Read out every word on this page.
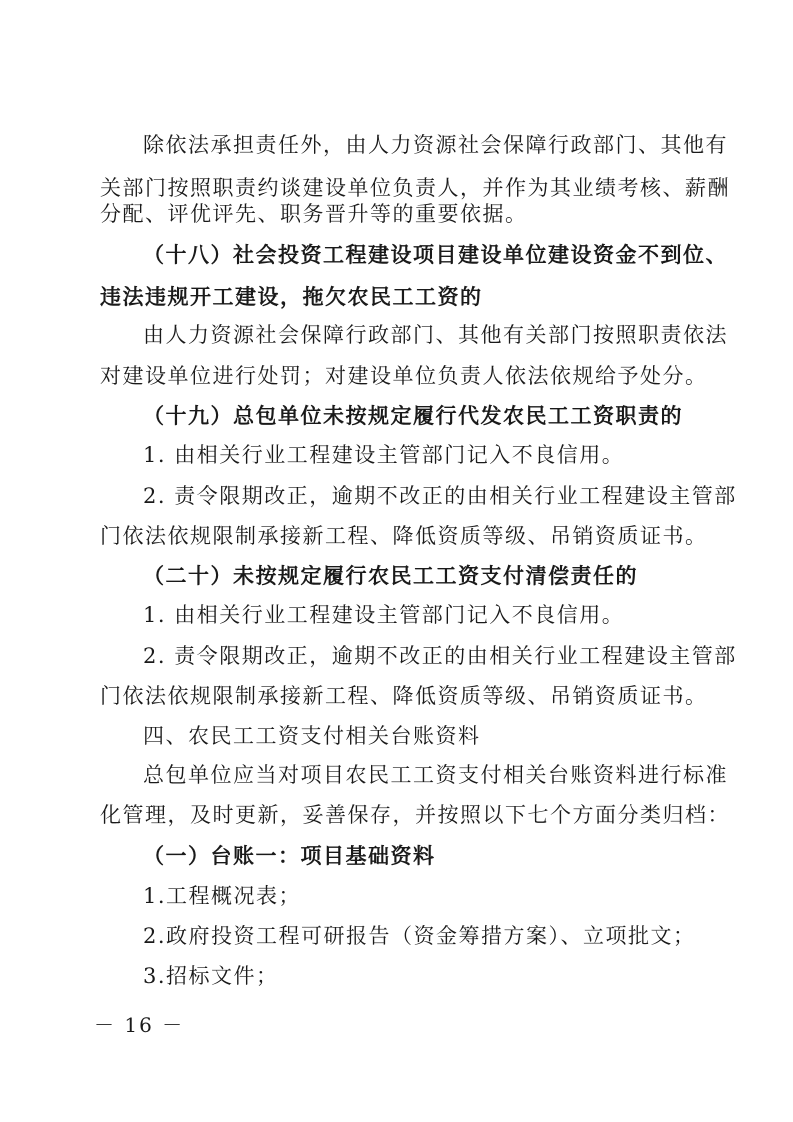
除依法承担责任外，由人力资源社会保障行政部门、其他有
关部门按照职责约谈建设单位负责人，并作为其业绩考核、薪酬
分配、评优评先、职务晋升等的重要依据。
（十八）社会投资工程建设项目建设单位建设资金不到位、
违法违规开工建设，拖欠农民工工资的
由人力资源社会保障行政部门、其他有关部门按照职责依法
对建设单位进行处罚；对建设单位负责人依法依规给予处分。
（十九）总包单位未按规定履行代发农民工工资职责的
1. 由相关行业工程建设主管部门记入不良信用。
2. 责令限期改正，逾期不改正的由相关行业工程建设主管部
门依法依规限制承接新工程、降低资质等级、吊销资质证书。
（二十）未按规定履行农民工工资支付清偿责任的
1. 由相关行业工程建设主管部门记入不良信用。
2. 责令限期改正，逾期不改正的由相关行业工程建设主管部
门依法依规限制承接新工程、降低资质等级、吊销资质证书。
四、农民工工资支付相关台账资料
总包单位应当对项目农民工工资支付相关台账资料进行标准
化管理，及时更新，妥善保存，并按照以下七个方面分类归档：
（一）台账一：项目基础资料
1.工程概况表；
2.政府投资工程可研报告（资金筹措方案）、立项批文；
3.招标文件；
－ 16 －
